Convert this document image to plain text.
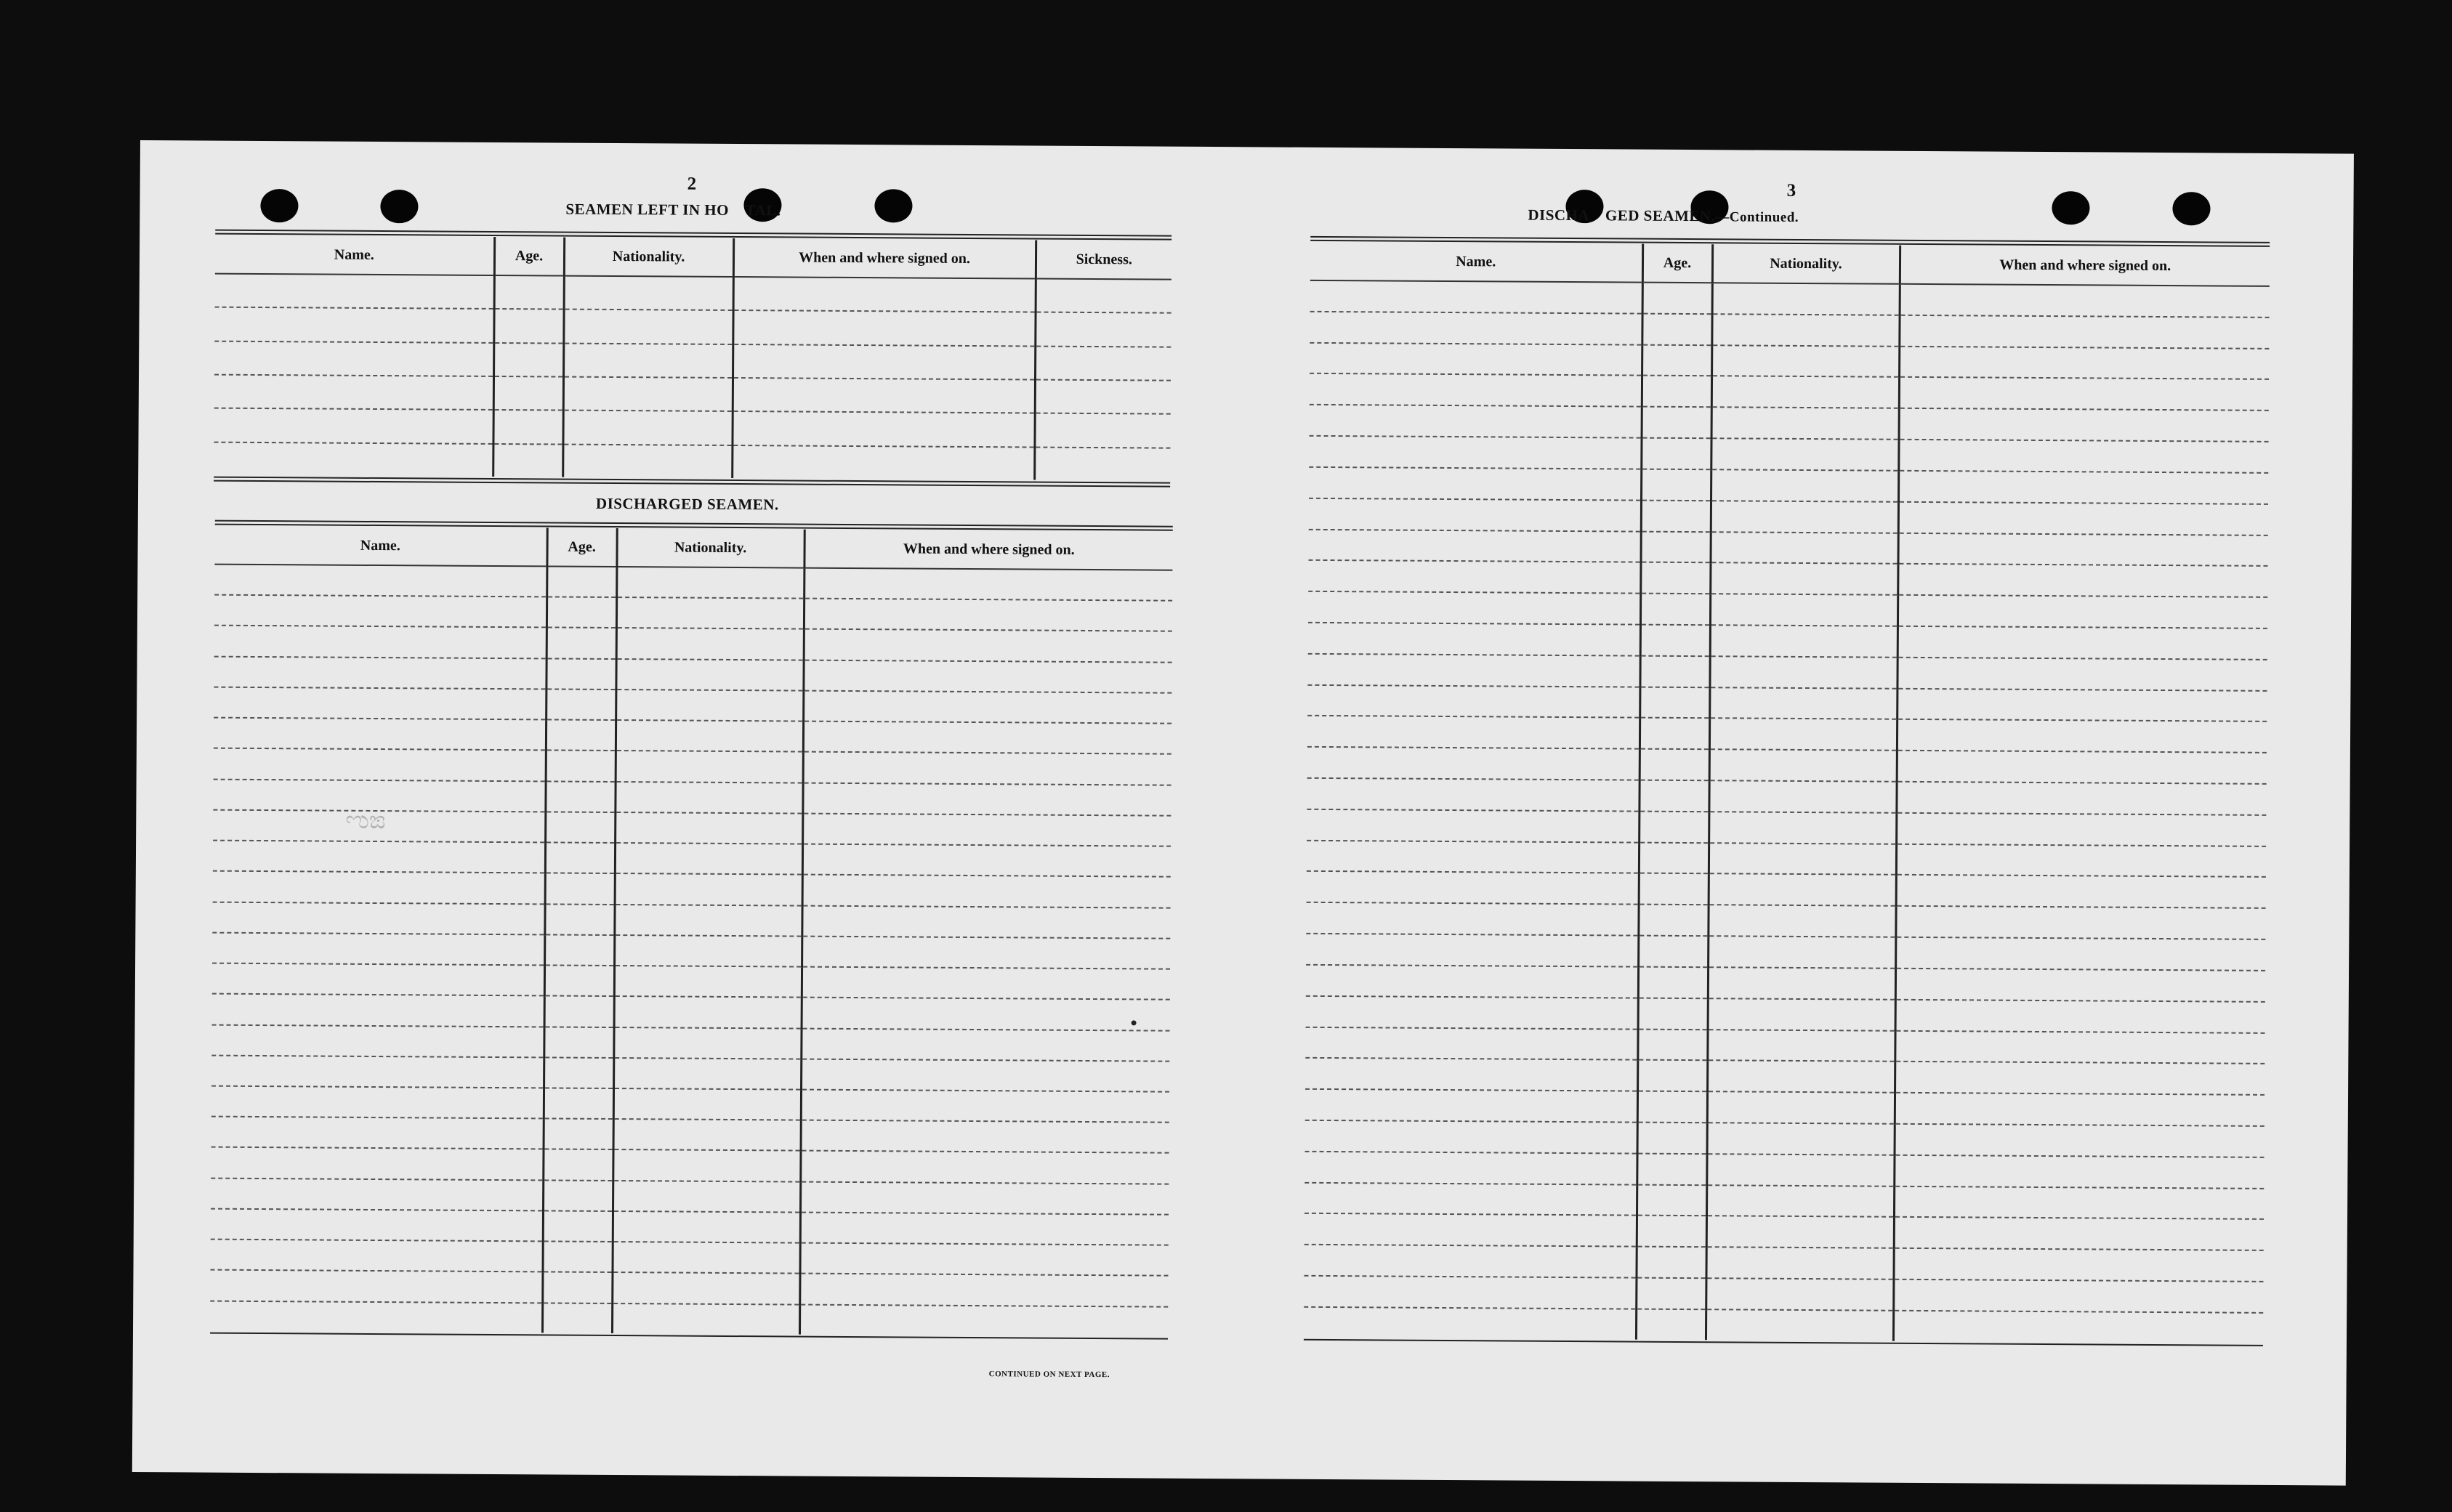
2
SEAMEN LEFT IN HO    TAL.
Name.	Age.	Nationality.	When and where signed on.	Sickness.

DISCHARGED SEAMEN.
Name.	Age.	Nationality.	When and where signed on.

CONTINUED ON NEXT PAGE.
ಌಙ
3
DISCHA    GED SEAMEN.—Continued.
Name.	Age.	Nationality.	When and where signed on.
